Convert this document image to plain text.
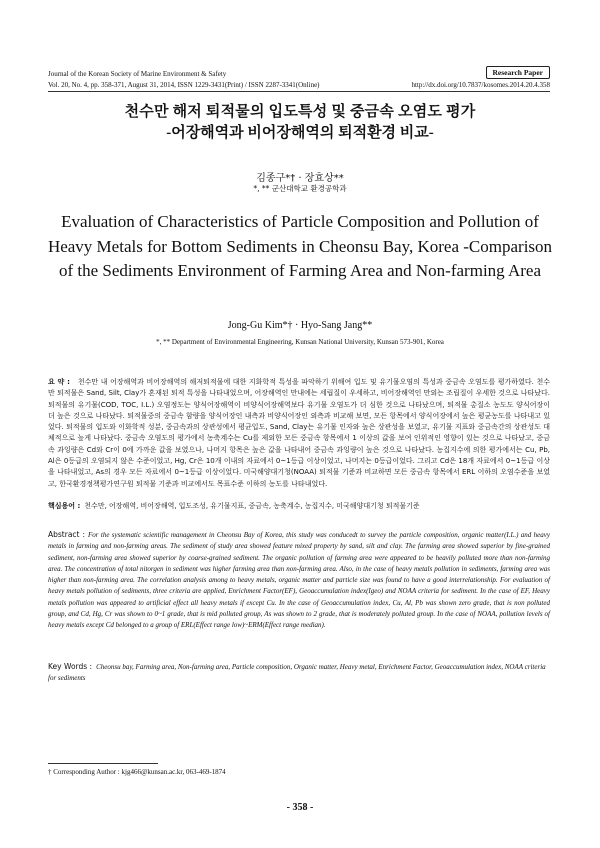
Journal of the Korean Society of Marine Environment & Safety	Research Paper
Vol. 20, No. 4, pp. 358-371, August 31, 2014, ISSN 1229-3431(Print) / ISSN 2287-3341(Online)	http://dx.doi.org/10.7837/kosomes.2014.20.4.358
천수만 해저 퇴적물의 입도특성 및 중금속 오염도 평가
-어장해역과 비어장해역의 퇴적환경 비교-
김종구*† · 장효상**
*, ** 군산대학교 환경공학과
Evaluation of Characteristics of Particle Composition and Pollution of Heavy Metals for Bottom Sediments in Cheonsu Bay, Korea -Comparison of the Sediments Environment of Farming Area and Non-farming Area
Jong-Gu Kim*† · Hyo-Sang Jang**
*, ** Department of Environmental Engineering, Kunsan National University, Kunsan 573-901, Korea
요 약 : 천수만 내 어장해역과 비어장해역의 해저퇴적물에 대한 지화학적 특성을 파악하기 위해여 입도 및 유기물오염의 특성과 중금속 오염도를 평가하였다. 천수만 퇴적물은 Sand, Silt, Clay가 혼재된 퇴적 특성을 나타내었으며, 어장해역인 만내에는 세립질이 우세하고, 비어장해역인 만외는 조립질이 우세한 것으로 나타났다. 퇴적물의 유기물(COD, TOC, I.L.) 오염정도는 양식어장해역이 비양식어장해역보다 유기물 오염도가 더 심한 것으로 나타났으며, 퇴적물 총질소 농도도 양식어장이 더 높은 것으로 나타났다. 퇴적물중의 중금속 함량을 양식어장인 내측과 비양식어장인 외측과 비교해 보면, 모든 항목에서 양식어장에서 높은 평균농도를 나타내고 있었다. 퇴적물의 입도와 이화학적 성분, 중금속과의 상관성에서 평균입도, Sand, Clay는 유기물 인자와 높은 상관성을 보였고, 유기물 지표와 중금속간의 상관성도 대체적으로 높게 나타났다. 중금속 오염도의 평가에서 농축계수는 Cu를 제외한 모든 중금속 항목에서 1 이상의 값을 보여 인위적인 영향이 있는 것으로 나타났고, 중금속 과잉량은 Cd와 Cr이 0에 가까운 값을 보였으나, 나머지 항목은 높은 값을 나타내어 중금속 과잉량이 높은 것으로 나타났다. 농집지수에 의한 평가에서는 Cu, Pb, Al은 0등급의 오염되지 않은 수준이었고, Hg, Cr은 10개 이내의 자료에서 0~1등급 이상이었고, 나머지는 0등급이었다. 그리고 Cd은 18개 자료에서 0~1등급 이상을 나타내었고, As의 경우 모든 자료에서 0~1등급 이상이었다. 미국해양대기청(NOAA) 퇴적물 기준과 비교하면 모든 중금속 항목에서 ERL 이하의 오염수준을 보였고, 한국환경정책평가연구원 퇴적물 기준과 비교에서도 목표수준 이하의 농도를 나타내었다.
핵심용어 : 천수만, 어장해역, 비어장해역, 입도조성, 유기물지표, 중금속, 농축계수, 농집지수, 미국해양대기청 퇴적물기준
Abstract : For the systematic scientific management in Cheonsu Bay of Korea, this study was conducedt to survey the particle composition, organic matter(I.L.) and heavy metals in farming and non-farming areas. The sediment of study area showed feature mixed property by sand, silt and clay. The farming area showed superior by fine-grained sediment, non-farming area showed superior by coarse-grained sediment. The organic pollution of farming area were appeared to be heavily polluted more than non-farming area. The concentration of total nitorgen in sediment was higher farming area than non-farming area. Also, in the case of heavy metals pollution in sediments, farming area was higher than non-farming area. The correlation analysis among to heavy metals, organic matter and particle size was found to have a good interrelationship. For evaluation of heavy metals pollution of sediments, three criteria are applied, Enrichment Factor(EF), Geoaccumulation index(Igeo) and NOAA criteria for sediment. In the case of EF, Heavy metals pollution was appeared to artificial effect all heavy metals if except Cu. In the case of Geoaccumulation index, Cu, Al, Pb was shown zero grade, that is non polluted group, and Cd, Hg, Cr was shown to 0~1 grade, that is mid polluted group, As was shown to 2 grade, that is moderately polluted group. In the case of NOAA, pollution levels of heavy metals except Cd belonged to a group of ERL(Effect range low)~ERM(Effect range median).
Key Words : Cheonsu bay, Farming area, Non-farming area, Particle composition, Organic matter, Heavy metal, Enrichment Factor, Geoaccumulation index, NOAA criteria for sediments
† Corresponding Author : kjg466@kunsan.ac.kr, 063-469-1874
- 358 -
